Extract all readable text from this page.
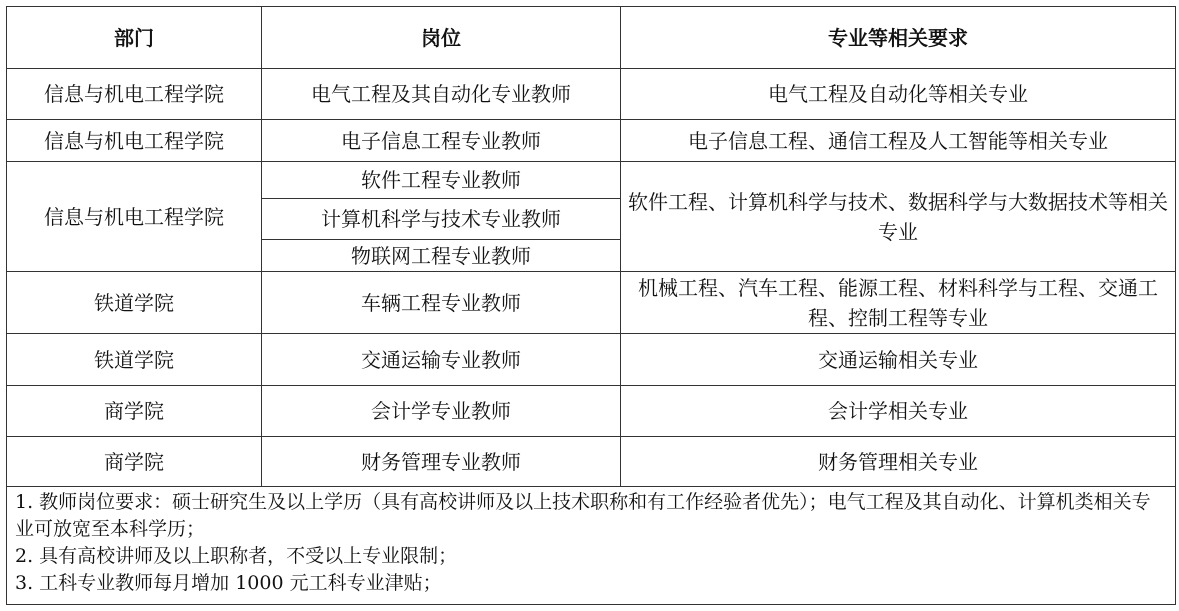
部门	岗位	专业等相关要求
信息与机电工程学院	电气工程及其自动化专业教师	电气工程及自动化等相关专业
信息与机电工程学院	电子信息工程专业教师	电子信息工程、通信工程及人工智能等相关专业
信息与机电工程学院	软件工程专业教师	软件工程、计算机科学与技术、数据科学与大数据技术等相关专业
	计算机科学与技术专业教师	
	物联网工程专业教师	
铁道学院	车辆工程专业教师	机械工程、汽车工程、能源工程、材料科学与工程、交通工程、控制工程等专业
铁道学院	交通运输专业教师	交通运输相关专业
商学院	会计学专业教师	会计学相关专业
商学院	财务管理专业教师	财务管理相关专业

1. 教师岗位要求：硕士研究生及以上学历（具有高校讲师及以上技术职称和有工作经验者优先）；电气工程及其自动化、计算机类相关专业可放宽至本科学历；
2. 具有高校讲师及以上职称者，不受以上专业限制；
3. 工科专业教师每月增加 1000 元工科专业津贴；		
